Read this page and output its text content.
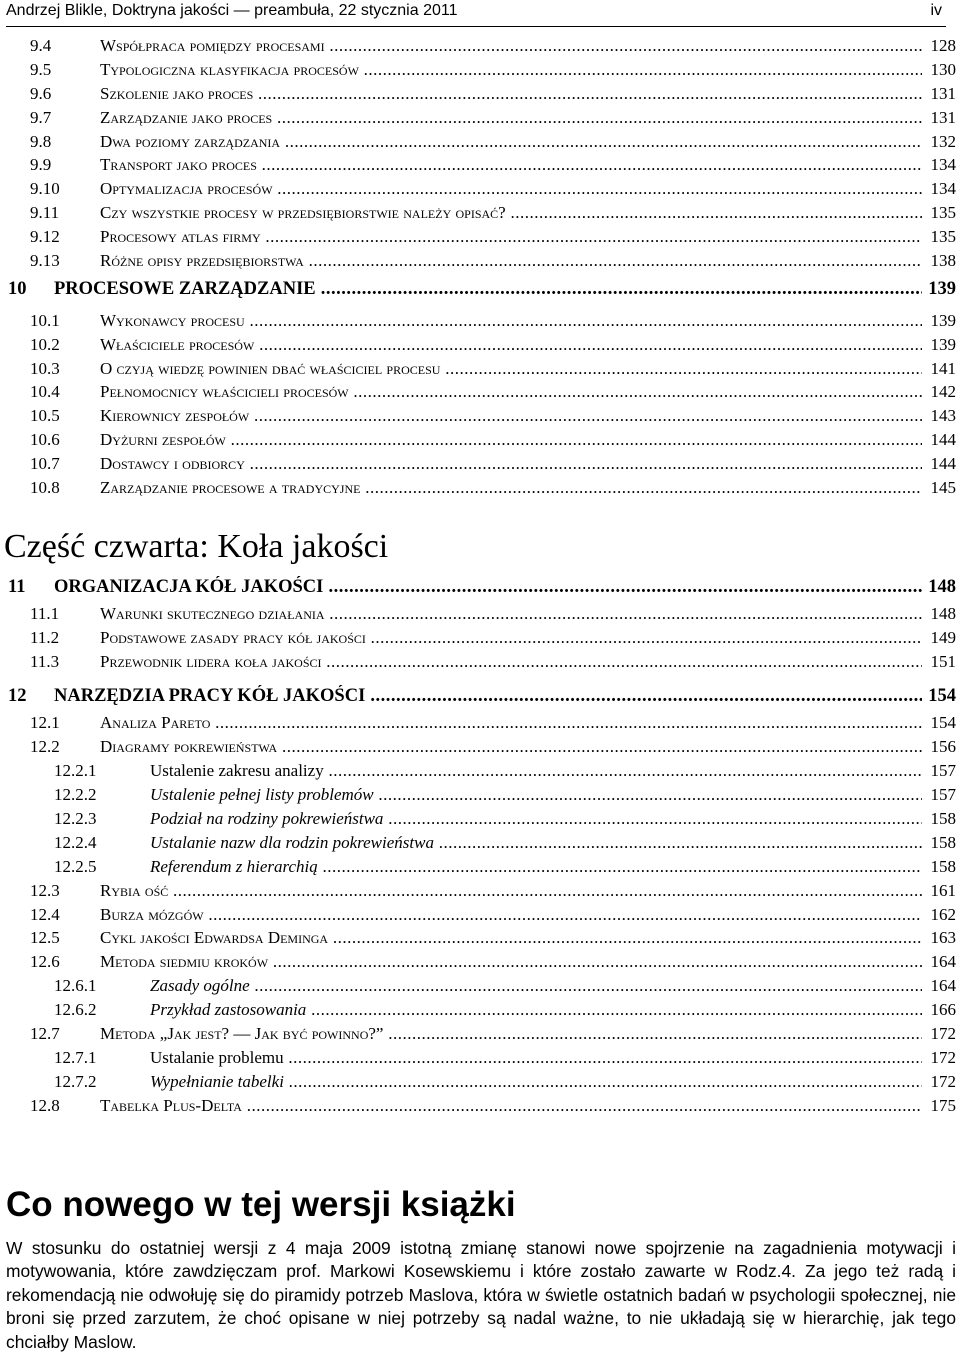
Andrzej Blikle, Doktryna jakości — preambuła, 22 stycznia 2011	iv
9.4	Współpraca pomiędzy procesami .....	128
9.5	Typologiczna klasyfikacja procesów .....	130
9.6	Szkolenie jako proces .....	131
9.7	Zarządzanie jako proces .....	131
9.8	Dwa poziomy zarządzania .....	132
9.9	Transport jako proces .....	134
9.10 Optymalizacja procesów .....	134
9.11 Czy wszystkie procesy w przedsiębiorstwie należy opisać? .....	135
9.12 Procesowy atlas firmy .....	135
9.13 Różne opisy przedsiębiorstwa .....	138
10 PROCESOWE ZARZĄDZANIE .....	139
10.1 Wykonawcy procesu .....	139
10.2 Właściciele procesów .....	139
10.3 O czyją wiedzę powinien dbać właściciel procesu .....	141
10.4 Pełnomocnicy właścicieli procesów .....	142
10.5 Kierownicy zespołów .....	143
10.6 Dyżurni zespołów .....	144
10.7 Dostawcy i odbiorcy .....	144
10.8 Zarządzanie procesowe a tradycyjne .....	145
Część czwarta: Koła jakości
11 ORGANIZACJA KÓŁ JAKOŚCI .....	148
11.1 Warunki skutecznego działania .....	148
11.2 Podstawowe zasady pracy kół jakości .....	149
11.3 Przewodnik lidera koła jakości .....	151
12 NARZĘDZIA PRACY KÓŁ JAKOŚCI .....	154
12.1 Analiza Pareto .....	154
12.2 Diagramy pokrewieństwa .....	156
12.2.1	Ustalenie zakresu analizy .....	157
12.2.2	Ustalenie pełnej listy problemów .....	157
12.2.3	Podział na rodziny pokrewieństwa .....	158
12.2.4	Ustalanie nazw dla rodzin pokrewieństwa .....	158
12.2.5	Referendum z hierarchią .....	158
12.3 Rybia ość .....	161
12.4 Burza mózgów .....	162
12.5 Cykl jakości Edwardsa Deminga .....	163
12.6 Metoda siedmiu kroków .....	164
12.6.1	Zasady ogólne .....	164
12.6.2	Przykład zastosowania .....	166
12.7 Metoda „Jak jest? — Jak być powinno?” .....	172
12.7.1	Ustalanie problemu .....	172
12.7.2	Wypełnianie tabelki .....	172
12.8 Tabelka Plus-Delta .....	175
Co nowego w tej wersji książki

W stosunku do ostatniej wersji z 4 maja 2009 istotną zmianę stanowi nowe spojrzenie na zagadnienia motywacji i motywowania, które zawdzięczam prof. Markowi Kosewskiemu i które zostało zawarte w Rodz.4. Za jego też radą i rekomendacją nie odwołuję się do piramidy potrzeb Maslova, która w świetle ostatnich badań w psychologii społecznej, nie broni się przed zarzutem, że choć opisane w niej potrzeby są nadal ważne, to nie układają się w hierarchię, jak tego chciałby Maslow.
